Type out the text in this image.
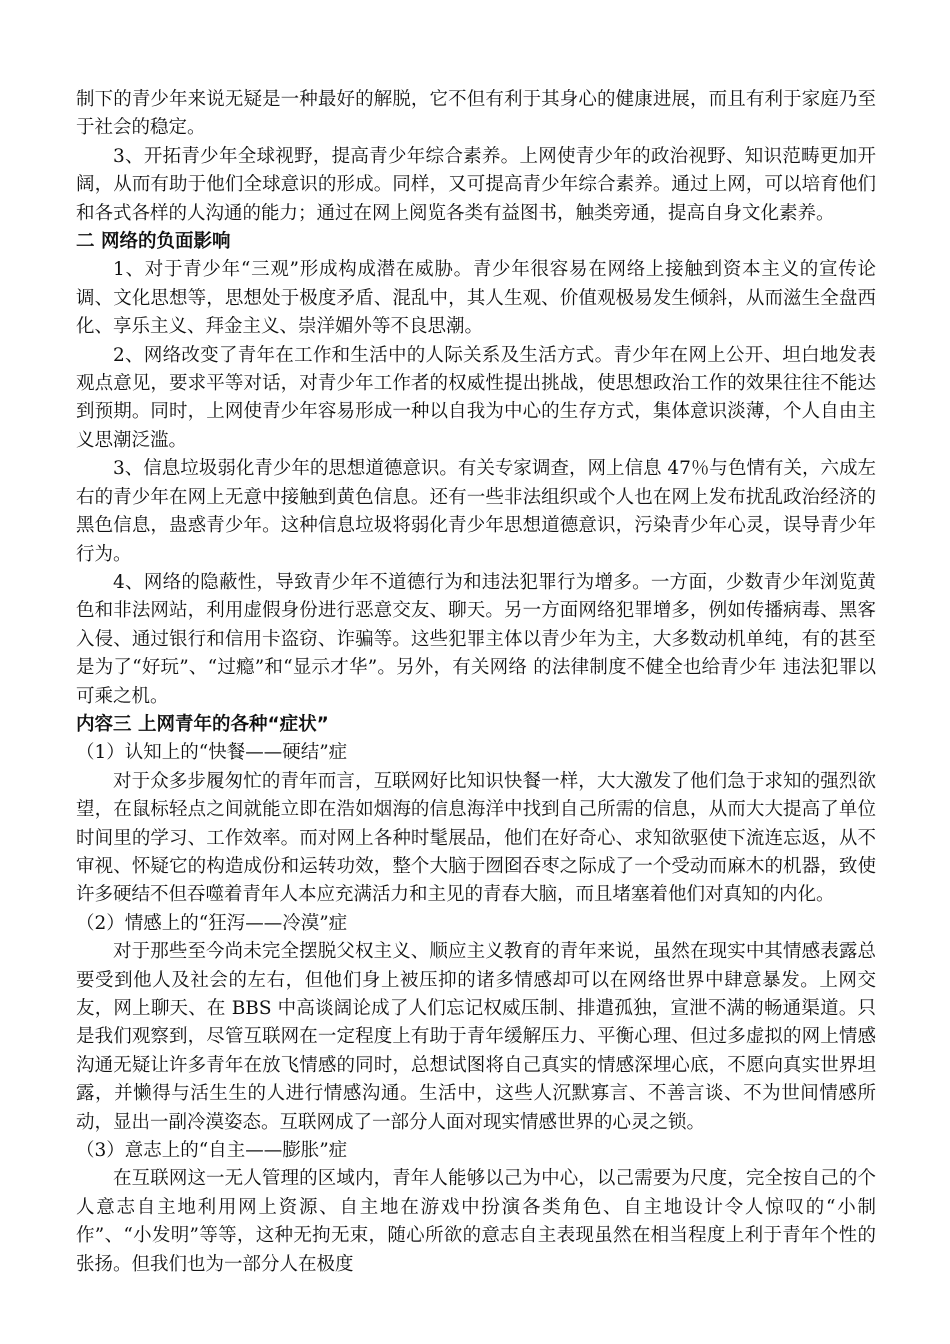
制下的青少年来说无疑是一种最好的解脱，它不但有利于其身心的健康进展，而且有利于家庭乃至于社会的稳定。

3、开拓青少年全球视野，提高青少年综合素养。上网使青少年的政治视野、知识范畴更加开阔，从而有助于他们全球意识的形成。同样，又可提高青少年综合素养。通过上网，可以培育他们和各式各样的人沟通的能力；通过在网上阅览各类有益图书，触类旁通，提高自身文化素养。

二 网络的负面影响

1、对于青少年“三观”形成构成潜在威胁。青少年很容易在网络上接触到资本主义的宣传论调、文化思想等，思想处于极度矛盾、混乱中，其人生观、价值观极易发生倾斜，从而滋生全盘西化、享乐主义、拜金主义、崇洋媚外等不良思潮。

2、网络改变了青年在工作和生活中的人际关系及生活方式。青少年在网上公开、坦白地发表观点意见，要求平等对话，对青少年工作者的权威性提出挑战，使思想政治工作的效果往往不能达到预期。同时，上网使青少年容易形成一种以自我为中心的生存方式，集体意识淡薄，个人自由主义思潮泛滥。

3、信息垃圾弱化青少年的思想道德意识。有关专家调查，网上信息 47％与色情有关，六成左右的青少年在网上无意中接触到黄色信息。还有一些非法组织或个人也在网上发布扰乱政治经济的黑色信息，蛊惑青少年。这种信息垃圾将弱化青少年思想道德意识，污染青少年心灵，误导青少年行为。

4、网络的隐蔽性，导致青少年不道德行为和违法犯罪行为增多。一方面，少数青少年浏览黄 色和非法网站，利用虚假身份进行恶意交友、聊天。另一方面网络犯罪增多，例如传播病毒、黑客入侵、通过银行和信用卡盗窃、诈骗等。这些犯罪主体以青少年为主，大多数动机单纯，有的甚至是为了“好玩”、“过瘾”和“显示才华”。另外，有关网络 的法律制度不健全也给青少年 违法犯罪以可乘之机。

内容三 上网青年的各种“症状”

（1）认知上的“快餐——硬结”症

对于众多步履匆忙的青年而言，互联网好比知识快餐一样，大大激发了他们急于求知的强烈欲望，在鼠标轻点之间就能立即在浩如烟海的信息海洋中找到自己所需的信息，从而大大提高了单位时间里的学习、工作效率。而对网上各种时髦展品，他们在好奇心、求知欲驱使下流连忘返，从不审视、怀疑它的构造成份和运转功效，整个大脑于囫囵吞枣之际成了一个受动而麻木的机器，致使许多硬结不但吞噬着青年人本应充满活力和主见的青春大脑，而且堵塞着他们对真知的内化。

（2）情感上的“狂泻——冷漠”症

对于那些至今尚未完全摆脱父权主义、顺应主义教育的青年来说，虽然在现实中其情感表露总要受到他人及社会的左右，但他们身上被压抑的诸多情感却可以在网络世界中肆意暴发。上网交友，网上聊天、在 BBS 中高谈阔论成了人们忘记权威压制、排遣孤独，宣泄不满的畅通渠道。只是我们观察到，尽管互联网在一定程度上有助于青年缓解压力、平衡心理、但过多虚拟的网上情感沟通无疑让许多青年在放飞情感的同时，总想试图将自己真实的情感深埋心底，不愿向真实世界坦露，并懒得与活生生的人进行情感沟通。生活中，这些人沉默寡言、不善言谈、不为世间情感所动，显出一副冷漠姿态。互联网成了一部分人面对现实情感世界的心灵之锁。

（3）意志上的“自主——膨胀”症

在互联网这一无人管理的区域内，青年人能够以己为中心，以己需要为尺度，完全按自己的个人意志自主地利用网上资源、自主地在游戏中扮演各类角色、自主地设计令人惊叹的“小制作”、“小发明”等等，这种无拘无束，随心所欲的意志自主表现虽然在相当程度上利于青年个性的张扬。但我们也为一部分人在极度
